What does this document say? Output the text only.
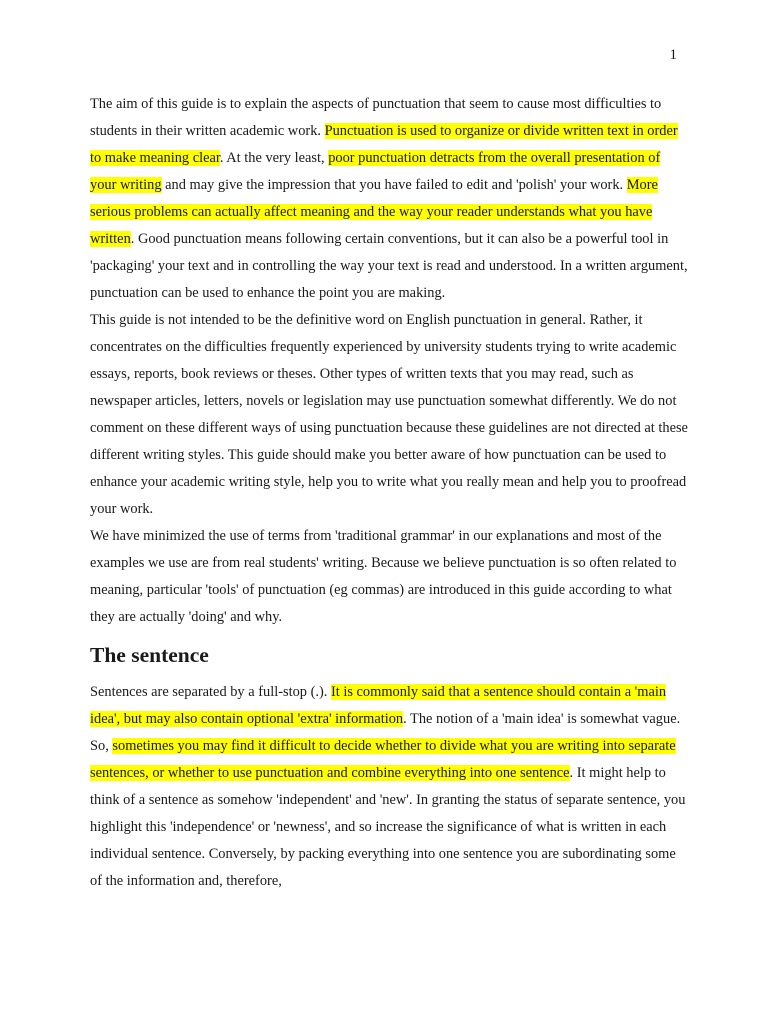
1

The aim of this guide is to explain the aspects of punctuation that seem to cause most difficulties to students in their written academic work. Punctuation is used to organize or divide written text in order to make meaning clear. At the very least, poor punctuation detracts from the overall presentation of your writing and may give the impression that you have failed to edit and 'polish' your work. More serious problems can actually affect meaning and the way your reader understands what you have written. Good punctuation means following certain conventions, but it can also be a powerful tool in 'packaging' your text and in controlling the way your text is read and understood. In a written argument, punctuation can be used to enhance the point you are making.

This guide is not intended to be the definitive word on English punctuation in general. Rather, it concentrates on the difficulties frequently experienced by university students trying to write academic essays, reports, book reviews or theses. Other types of written texts that you may read, such as newspaper articles, letters, novels or legislation may use punctuation somewhat differently. We do not comment on these different ways of using punctuation because these guidelines are not directed at these different writing styles. This guide should make you better aware of how punctuation can be used to enhance your academic writing style, help you to write what you really mean and help you to proofread your work.

We have minimized the use of terms from 'traditional grammar' in our explanations and most of the examples we use are from real students' writing. Because we believe punctuation is so often related to meaning, particular 'tools' of punctuation (eg commas) are introduced in this guide according to what they are actually 'doing' and why.

The sentence

Sentences are separated by a full-stop (.). It is commonly said that a sentence should contain a 'main idea', but may also contain optional 'extra' information. The notion of a 'main idea' is somewhat vague. So, sometimes you may find it difficult to decide whether to divide what you are writing into separate sentences, or whether to use punctuation and combine everything into one sentence. It might help to think of a sentence as somehow 'independent' and 'new'. In granting the status of separate sentence, you highlight this 'independence' or 'newness', and so increase the significance of what is written in each individual sentence. Conversely, by packing everything into one sentence you are subordinating some of the information and, therefore,
